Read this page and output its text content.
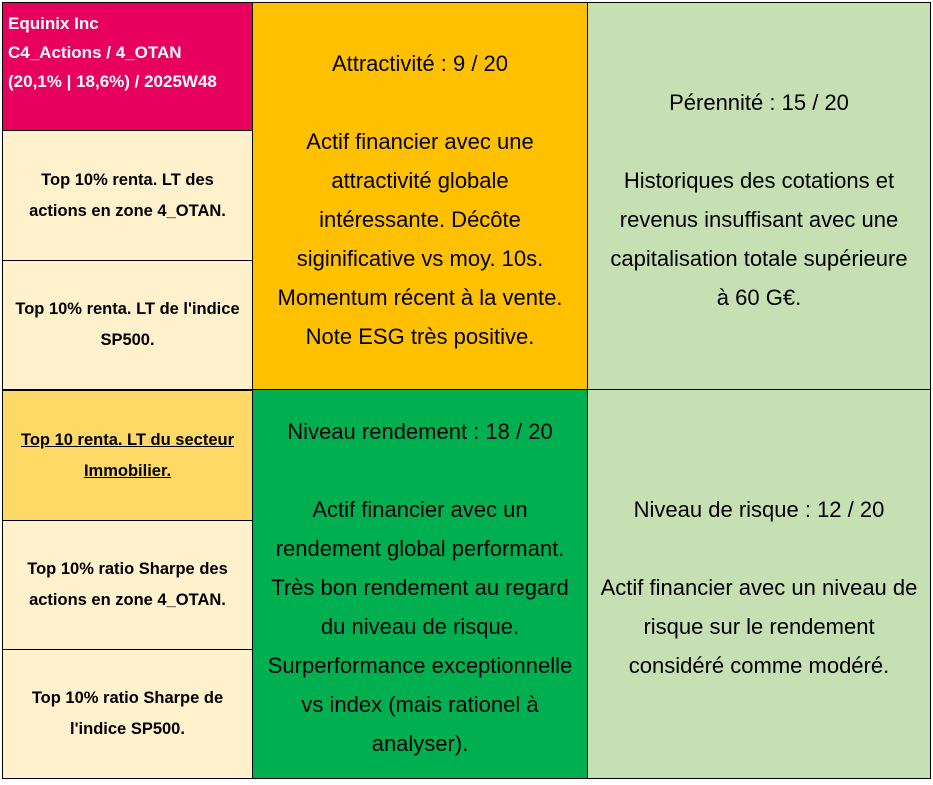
Equinix Inc
C4_Actions / 4_OTAN
(20,1% | 18,6%) / 2025W48
Top 10% renta. LT des
actions en zone 4_OTAN.
Top 10% renta. LT de l'indice
SP500.
Top 10 renta. LT du secteur
Immobilier.
Top 10% ratio Sharpe des
actions en zone 4_OTAN.
Top 10% ratio Sharpe de
l'indice SP500.
Attractivité : 9 / 20
Actif financier avec une
attractivité globale
intéressante. Décôte
siginificative vs moy. 10s.
Momentum récent à la vente.
Note ESG très positive.
Pérennité : 15 / 20
Historiques des cotations et
revenus insuffisant avec une
capitalisation totale supérieure
à 60 G€.
Niveau rendement : 18 / 20
Actif financier avec un
rendement global performant.
Très bon rendement au regard
du niveau de risque.
Surperformance exceptionnelle
vs index (mais rationel à
analyser).
Niveau de risque : 12 / 20
Actif financier avec un niveau de
risque sur le rendement
considéré comme modéré.
